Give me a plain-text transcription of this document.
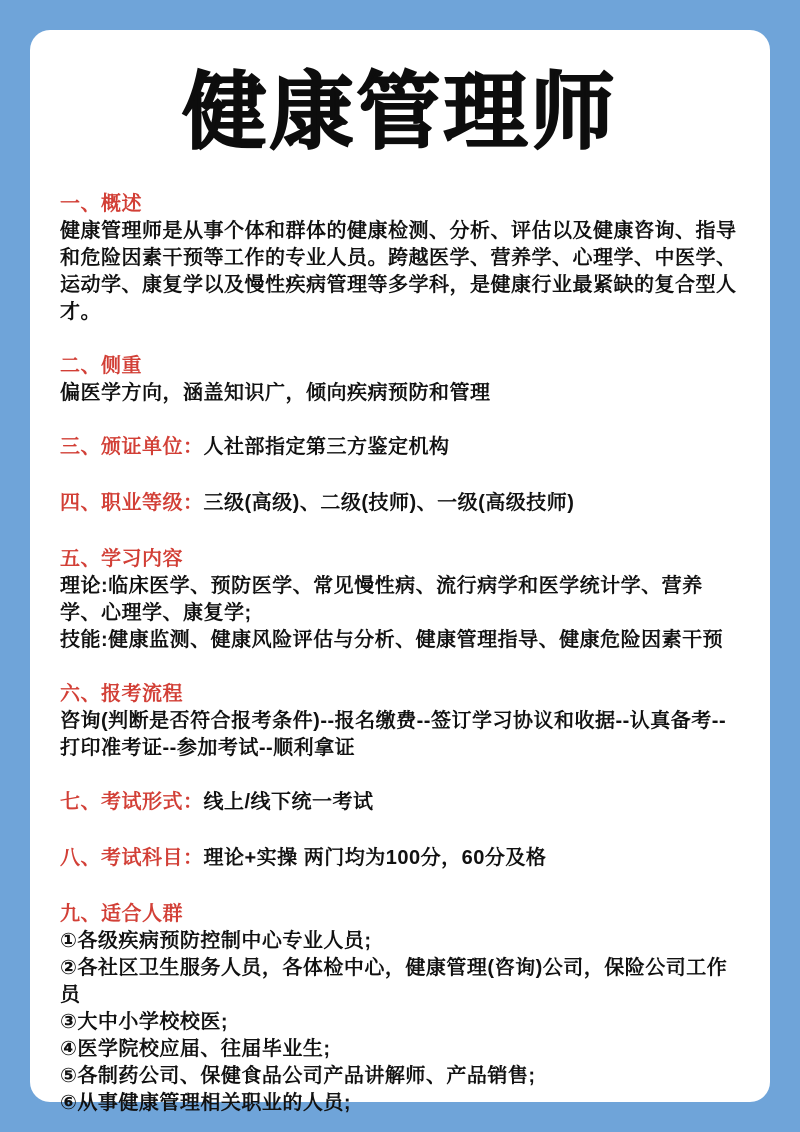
健康管理师
一、概述
健康管理师是从事个体和群体的健康检测、分析、评估以及健康咨询、指导和危险因素干预等工作的专业人员。跨越医学、营养学、心理学、中医学、运动学、康复学以及慢性疾病管理等多学科，是健康行业最紧缺的复合型人才。
二、侧重
偏医学方向，涵盖知识广，倾向疾病预防和管理
三、颁证单位：人社部指定第三方鉴定机构
四、职业等级：三级(高级)、二级(技师)、一级(高级技师)
五、学习内容
理论:临床医学、预防医学、常见慢性病、流行病学和医学统计学、营养学、心理学、康复学;
技能:健康监测、健康风险评估与分析、健康管理指导、健康危险因素干预
六、报考流程
咨询(判断是否符合报考条件)--报名缴费--签订学习协议和收据--认真备考--打印准考证--参加考试--顺利拿证
七、考试形式：线上/线下统一考试
八、考试科目：理论+实操 两门均为100分，60分及格
九、适合人群
①各级疾病预防控制中心专业人员;
②各社区卫生服务人员，各体检中心，健康管理(咨询)公司，保险公司工作员
③大中小学校校医;
④医学院校应届、往届毕业生;
⑤各制药公司、保健食品公司产品讲解师、产品销售;
⑥从事健康管理相关职业的人员;
